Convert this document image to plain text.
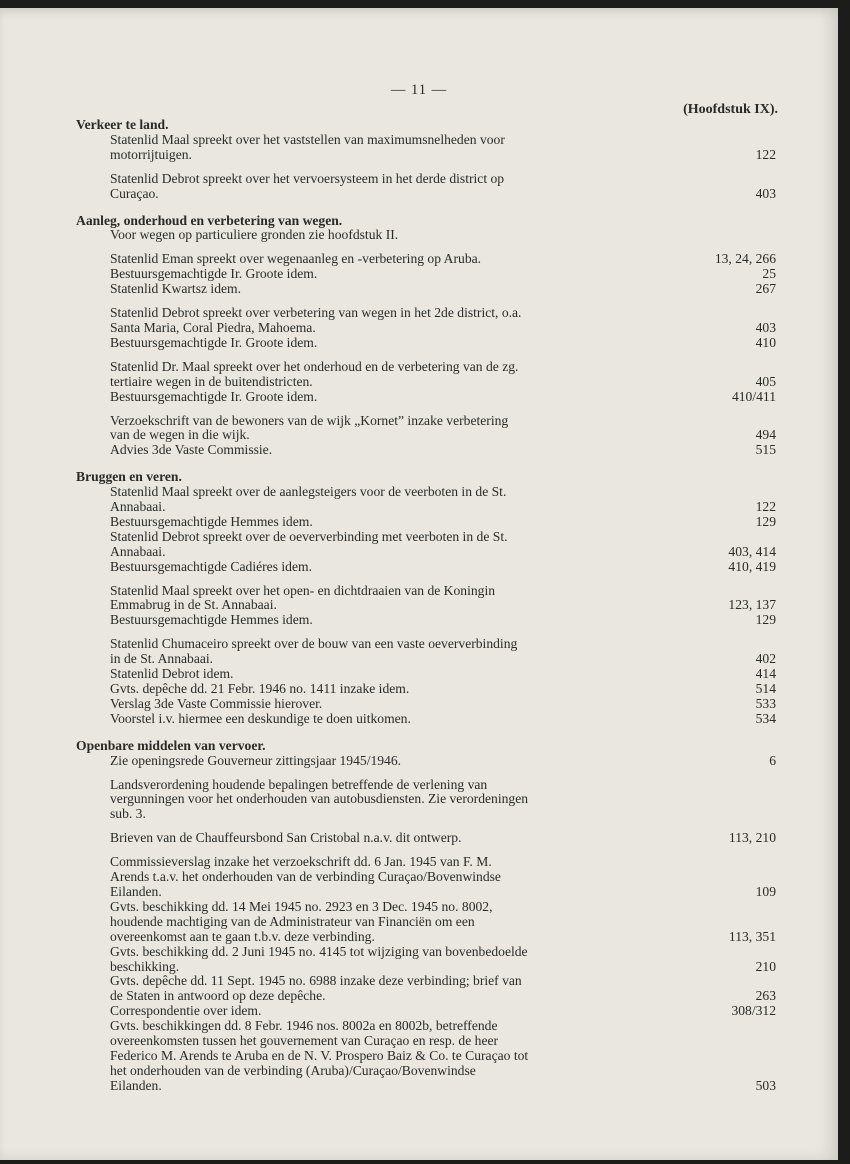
— 11 —
(Hoofdstuk IX).
Verkeer te land.
Statenlid Maal spreekt over het vaststellen van maximumsnelheden voor motorrijtuigen.	122
Statenlid Debrot spreekt over het vervoersysteem in het derde district op Curaçao.	403
Aanleg, onderhoud en verbetering van wegen.
Voor wegen op particuliere gronden zie hoofdstuk II.
Statenlid Eman spreekt over wegenaanleg en -verbetering op Aruba.	13, 24, 266
Bestuursgemachtigde Ir. Groote idem.	25
Statenlid Kwartsz idem.	267
Statenlid Debrot spreekt over verbetering van wegen in het 2de district, o.a. Santa Maria, Coral Piedra, Mahoema.	403
Bestuursgemachtigde Ir. Groote idem.	410
Statenlid Dr. Maal spreekt over het onderhoud en de verbetering van de zg. tertiaire wegen in de buitendistricten.	405
Bestuursgemachtigde Ir. Groote idem.	410/411
Verzoekschrift van de bewoners van de wijk „Kornet” inzake verbetering van de wegen in die wijk.	494
Advies 3de Vaste Commissie.	515
Bruggen en veren.
Statenlid Maal spreekt over de aanlegsteigers voor de veerboten in de St. Annabaai.	122
Bestuursgemachtigde Hemmes idem.	129
Statenlid Debrot spreekt over de oeververbinding met veerboten in de St. Annabaai.	403, 414
Bestuursgemachtigde Cadiéres idem.	410, 419
Statenlid Maal spreekt over het open- en dichtdraaien van de Koningin Emmabrug in de St. Annabaai.	123, 137
Bestuursgemachtigde Hemmes idem.	129
Statenlid Chumaceiro spreekt over de bouw van een vaste oeververbinding in de St. Annabaai.	402
Statenlid Debrot idem.	414
Gvts. depêche dd. 21 Febr. 1946 no. 1411 inzake idem.	514
Verslag 3de Vaste Commissie hierover.	533
Voorstel i.v. hiermee een deskundige te doen uitkomen.	534
Openbare middelen van vervoer.
Zie openingsrede Gouverneur zittingsjaar 1945/1946.	6
Landsverordening houdende bepalingen betreffende de verlening van vergunningen voor het onderhouden van autobusdiensten. Zie verordeningen sub. 3.
Brieven van de Chauffeursbond San Cristobal n.a.v. dit ontwerp.	113, 210
Commissieverslag inzake het verzoekschrift dd. 6 Jan. 1945 van F. M. Arends t.a.v. het onderhouden van de verbinding Curaçao/Bovenwindse Eilanden.	109
Gvts. beschikking dd. 14 Mei 1945 no. 2923 en 3 Dec. 1945 no. 8002, houdende machtiging van de Administrateur van Financiën om een overeenkomst aan te gaan t.b.v. deze verbinding.	113, 351
Gvts. beschikking dd. 2 Juni 1945 no. 4145 tot wijziging van bovenbedoelde beschikking.	210
Gvts. depêche dd. 11 Sept. 1945 no. 6988 inzake deze verbinding; brief van de Staten in antwoord op deze depêche.	263
Correspondentie over idem.	308/312
Gvts. beschikkingen dd. 8 Febr. 1946 nos. 8002a en 8002b, betreffende overeenkomsten tussen het gouvernement van Curaçao en resp. de heer Federico M. Arends te Aruba en de N. V. Prospero Baiz & Co. te Curaçao tot het onderhouden van de verbinding (Aruba)/Curaçao/Bovenwindse Eilanden.	503
